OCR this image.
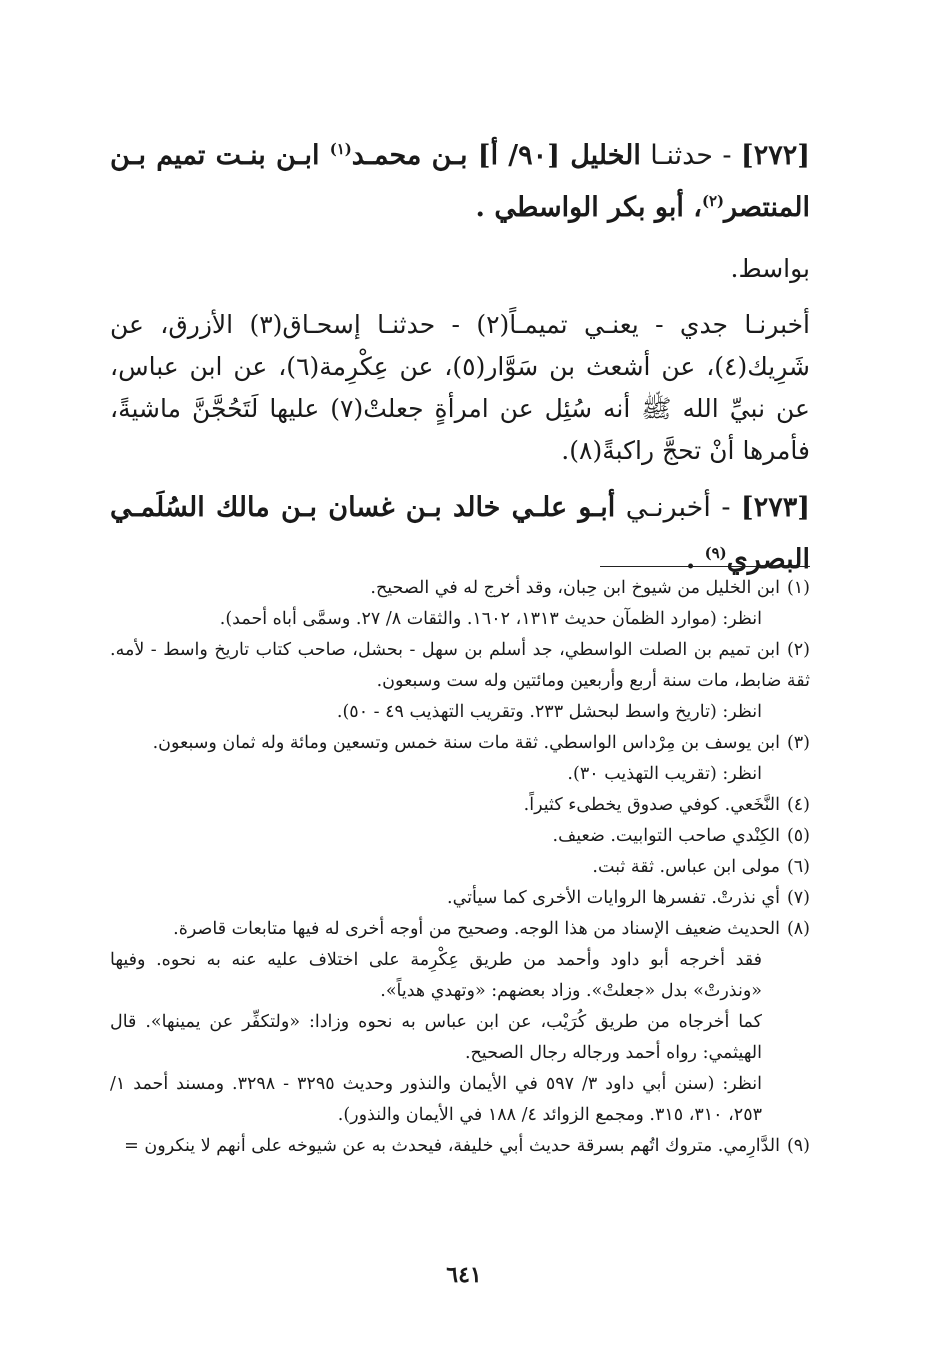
[٢٧٢] - حدثنـا الخليل [٩٠/ أ] بـن محمـد$^{(١)}$ ابـن بنـت تميم بـن المنتصر$^{(٢)}$، أبو بكر الواسطي .

بواسط.

أخبرنـا جدي - يعنـي تميمـاً(٢) - حدثنـا إسحـاق(٣) الأزرق، عن شَرِيك(٤)، عن أشعث بن سَوَّار(٥)، عن عِكْرِمة(٦)، عن ابن عباس، عن نبيِّ الله ﷺ أنه سُئِل عن امرأةٍ جعلتْ(٧) عليها لَتَحُجَّنَّ ماشيةً، فأمرها أنْ تحجَّ راكبةً(٨).

[٢٧٣] - أخبرنـي أبـو علـي خالد بـن غسان بـن مالك السُلَمـي البصري$^{(٩)}$ .

(١)ابن الخليل من شيوخ ابن حِبان، وقد أخرج له في الصحيح.

انظر: (موارد الظمآن حديث ١٣١٣، ١٦٠٢. والثقات ٨/ ٢٧. وسمَّى أباه أحمد).

(٢)ابن تميم بن الصلت الواسطي، جد أسلم بن سهل - بحشل، صاحب كتاب تاريخ واسط - لأمه. ثقة ضابط، مات سنة أربع وأربعين ومائتين وله ست وسبعون.

انظر: (تاريخ واسط لبحشل ٢٣٣. وتقريب التهذيب ٤٩ - ٥٠).

(٣)ابن يوسف بن مِرْداس الواسطي. ثقة مات سنة خمس وتسعين ومائة وله ثمان وسبعون.

انظر: (تقريب التهذيب ٣٠).

(٤)النَّخَعي. كوفي صدوق يخطىء كثيراً.

(٥)الكِنْدي صاحب التوابيت. ضعيف.

(٦)مولى ابن عباس. ثقة ثبت.

(٧)أي نذرتْ. تفسرها الروايات الأخرى كما سيأتي.

(٨)الحديث ضعيف الإسناد من هذا الوجه. وصحيح من أوجه أخرى له فيها متابعات قاصرة.

فقد أخرجه أبو داود وأحمد من طريق عِكْرِمة على اختلاف عليه عنه به نحوه. وفيها «ونذرتْ» بدل «جعلتْ». وزاد بعضهم: «وتهدي هدياً».

كما أخرجاه من طريق كُرَيْب، عن ابن عباس به نحوه وزادا: «ولتكفِّر عن يمينها». قال الهيثمي: رواه أحمد ورجاله رجال الصحيح.

انظر: (سنن أبي داود ٣/ ٥٩٧ في الأيمان والنذور وحديث ٣٢٩٥ - ٣٢٩٨. ومسند أحمد ١/ ٢٥٣، ٣١٠، ٣١٥. ومجمع الزوائد ٤/ ١٨٨ في الأيمان والنذور).

(٩)الدَّارِمي. متروك اتُهم بسرقة حديث أبي خليفة، فيحدث به عن شيوخه على أنهم لا ينكرون =

٦٤١
